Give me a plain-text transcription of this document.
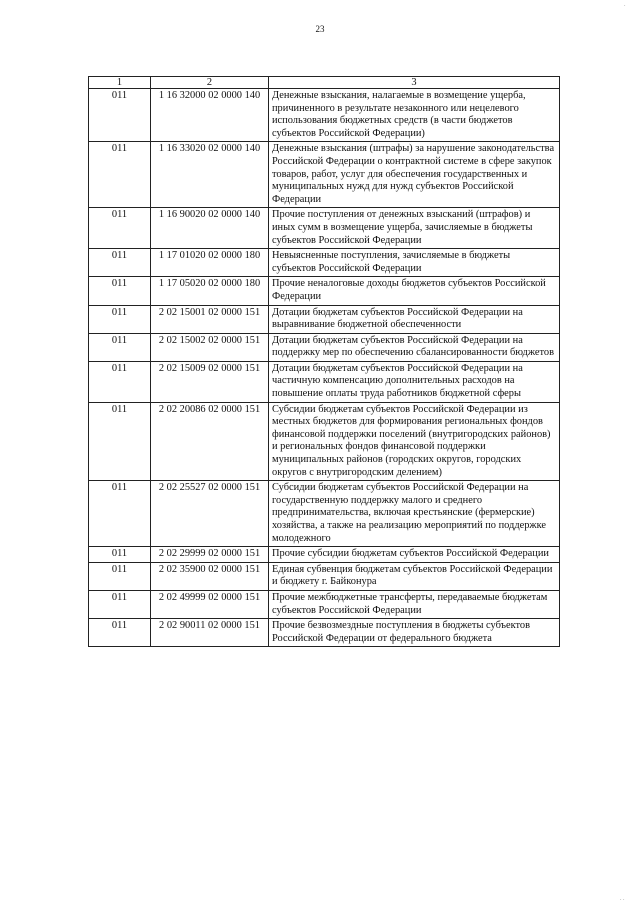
23
1	2	3
011	1 16 32000 02 0000 140	Денежные взыскания, налагаемые в возмещение ущерба, причиненного в результате незаконного или нецелевого использования бюджетных средств (в части бюджетов субъектов Российской Федерации)
011	1 16 33020 02 0000 140	Денежные взыскания (штрафы) за нарушение законодательства Российской Федерации о контрактной системе в сфере закупок товаров, работ, услуг для обеспечения государственных и муниципальных нужд для нужд субъектов Российской Федерации
011	1 16 90020 02 0000 140	Прочие поступления от денежных взысканий (штрафов) и иных сумм в возмещение ущерба, зачисляемые в бюджеты субъектов Российской Федерации
011	1 17 01020 02 0000 180	Невыясненные поступления, зачисляемые в бюджеты субъектов Российской Федерации
011	1 17 05020 02 0000 180	Прочие неналоговые доходы бюджетов субъектов Российской Федерации
011	2 02 15001 02 0000 151	Дотации бюджетам субъектов Российской Федерации на выравнивание бюджетной обеспеченности
011	2 02 15002 02 0000 151	Дотации бюджетам субъектов Российской Федерации на поддержку мер по обеспечению сбалансированности бюджетов
011	2 02 15009 02 0000 151	Дотации бюджетам субъектов Российской Федерации на частичную компенсацию дополнительных расходов на повышение оплаты труда работников бюджетной сферы
011	2 02 20086 02 0000 151	Субсидии бюджетам субъектов Российской Федерации из местных бюджетов для формирования региональных фондов финансовой поддержки поселений (внутригородских районов) и региональных фондов финансовой поддержки муниципальных районов (городских округов, городских округов с внутригородским делением)
011	2 02 25527 02 0000 151	Субсидии бюджетам субъектов Российской Федерации на государственную поддержку малого и среднего предпринимательства, включая крестьянские (фермерские) хозяйства, а также на реализацию мероприятий по поддержке молодежного
011	2 02 29999 02 0000 151	Прочие субсидии бюджетам субъектов Российской Федерации
011	2 02 35900 02 0000 151	Единая субвенция бюджетам субъектов Российской Федерации и бюджету г. Байконура
011	2 02 49999 02 0000 151	Прочие межбюджетные трансферты, передаваемые бюджетам субъектов Российской Федерации
011	2 02 90011 02 0000 151	Прочие безвозмездные поступления в бюджеты субъектов Российской Федерации от федерального бюджета
.
. .
